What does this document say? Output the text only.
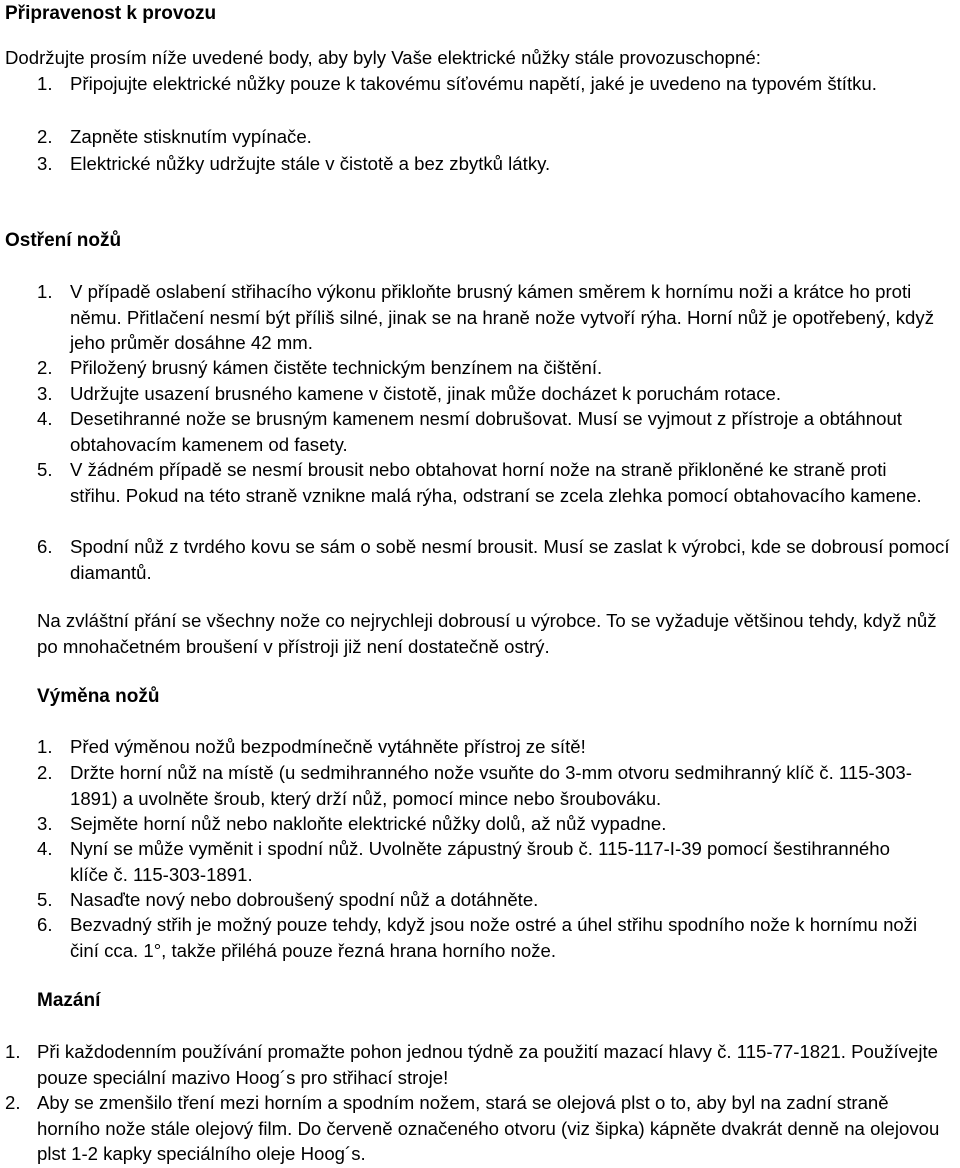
Připravenost k provozu
Dodržujte prosím níže uvedené body, aby byly Vaše elektrické nůžky stále provozuschopné:
1. Připojujte elektrické nůžky pouze k takovému síťovému napětí, jaké je uvedeno na typovém štítku.
2. Zapněte stisknutím vypínače.
3. Elektrické nůžky udržujte stále v čistotě a bez zbytků látky.
Ostření nožů
1. V případě oslabení střihacího výkonu přikloňte brusný kámen směrem k hornímu noži a krátce ho proti němu. Přitlačení nesmí být příliš silné, jinak se na hraně nože vytvoří rýha. Horní nůž je opotřebený, když jeho průměr dosáhne 42 mm.
2. Přiložený brusný kámen čistěte technickým benzínem na čištění.
3. Udržujte usazení brusného kamene v čistotě, jinak může docházet k poruchám rotace.
4. Desetihranné nože se brusným kamenem nesmí dobrušovat. Musí se vyjmout z přístroje a obtáhnout obtahovacím kamenem od fasety.
5. V žádném případě se nesmí brousit nebo obtahovat horní nože na straně přikloněné ke straně proti střihu. Pokud na této straně vznikne malá rýha, odstraní se zcela zlehka pomocí obtahovacího kamene.
6. Spodní nůž z tvrdého kovu se sám o sobě nesmí brousit. Musí se zaslat k výrobci, kde se dobrousí pomocí diamantů.
Na zvláštní přání se všechny nože co nejrychleji dobrousí u výrobce. To se vyžaduje většinou tehdy, když nůž po mnohačetném broušení v přístroji již není dostatečně ostrý.
Výměna nožů
1. Před výměnou nožů bezpodmínečně vytáhněte přístroj ze sítě!
2. Držte horní nůž na místě (u sedmihranného nože vsuňte do 3-mm otvoru sedmihranný klíč č. 115-303-1891) a uvolněte šroub, který drží nůž, pomocí mince nebo šroubováku.
3. Sejměte horní nůž nebo nakloňte elektrické nůžky dolů, až nůž vypadne.
4. Nyní se může vyměnit i spodní nůž. Uvolněte zápustný šroub č. 115-117-I-39 pomocí šestihranného klíče č. 115-303-1891.
5. Nasaďte nový nebo dobroušený spodní nůž a dotáhněte.
6. Bezvadný střih je možný pouze tehdy, když jsou nože ostré a úhel střihu spodního nože k hornímu noži činí cca. 1°, takže přiléhá pouze řezná hrana horního nože.
Mazání
1. Při každodenním používání promažte pohon jednou týdně za použití mazací hlavy č. 115-77-1821. Používejte pouze speciální mazivo Hoog´s pro střihací stroje!
2. Aby se zmenšilo tření mezi horním a spodním nožem, stará se olejová plst o to, aby byl na zadní straně horního nože stále olejový film. Do červeně označeného otvoru (viz šipka) kápněte dvakrát denně na olejovou plst 1-2 kapky speciálního oleje Hoog´s.
